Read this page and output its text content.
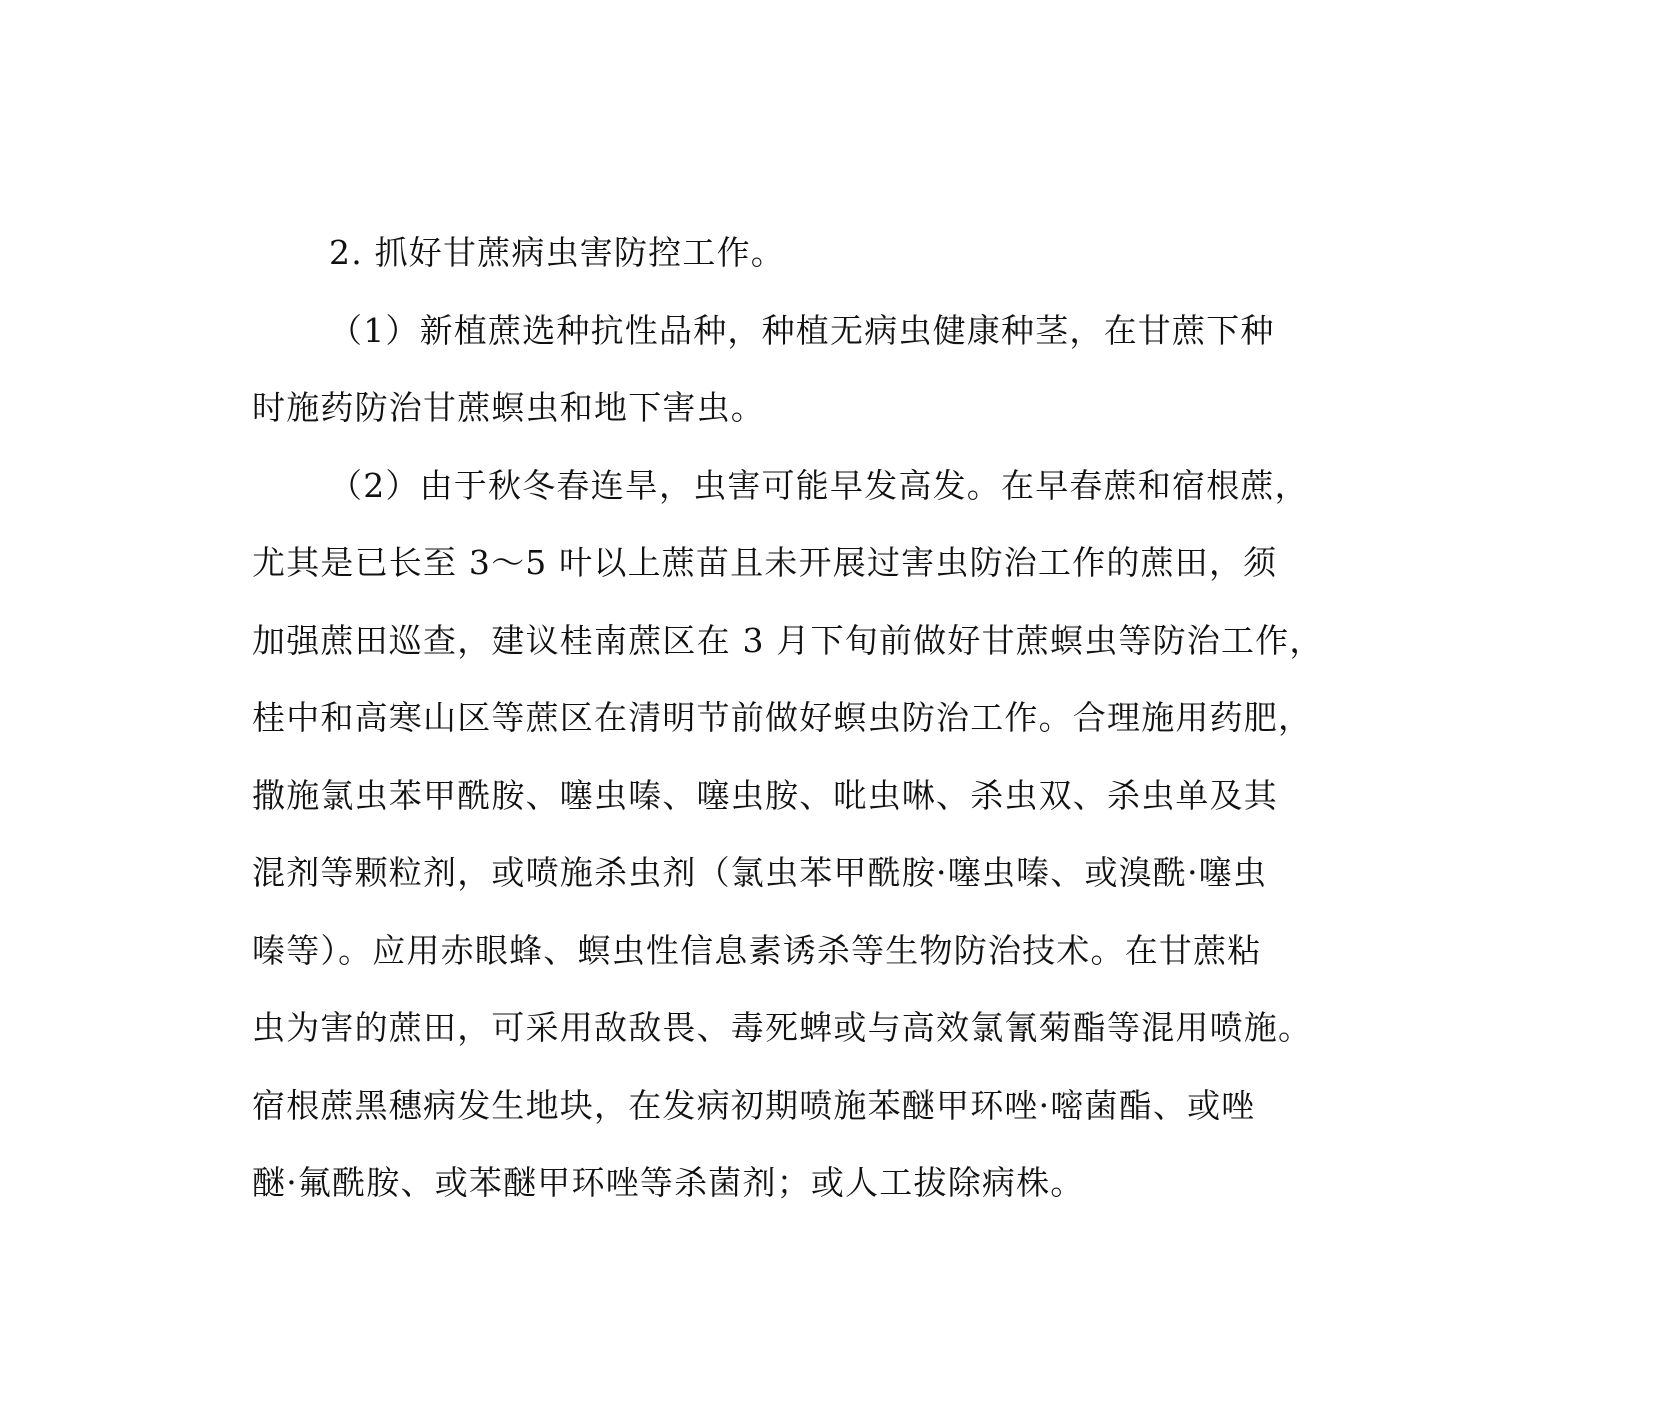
2. 抓好甘蔗病虫害防控工作。
（1）新植蔗选种抗性品种，种植无病虫健康种茎，在甘蔗下种
时施药防治甘蔗螟虫和地下害虫。
（2）由于秋冬春连旱，虫害可能早发高发。在早春蔗和宿根蔗，
尤其是已长至 3～5 叶以上蔗苗且未开展过害虫防治工作的蔗田，须
加强蔗田巡查，建议桂南蔗区在 3 月下旬前做好甘蔗螟虫等防治工作，
桂中和高寒山区等蔗区在清明节前做好螟虫防治工作。合理施用药肥，
撒施氯虫苯甲酰胺、噻虫嗪、噻虫胺、吡虫啉、杀虫双、杀虫单及其
混剂等颗粒剂，或喷施杀虫剂（氯虫苯甲酰胺·噻虫嗪、或溴酰·噻虫
嗪等）。应用赤眼蜂、螟虫性信息素诱杀等生物防治技术。在甘蔗粘
虫为害的蔗田，可采用敌敌畏、毒死蜱或与高效氯氰菊酯等混用喷施。
宿根蔗黑穗病发生地块，在发病初期喷施苯醚甲环唑·嘧菌酯、或唑
醚·氟酰胺、或苯醚甲环唑等杀菌剂；或人工拔除病株。
